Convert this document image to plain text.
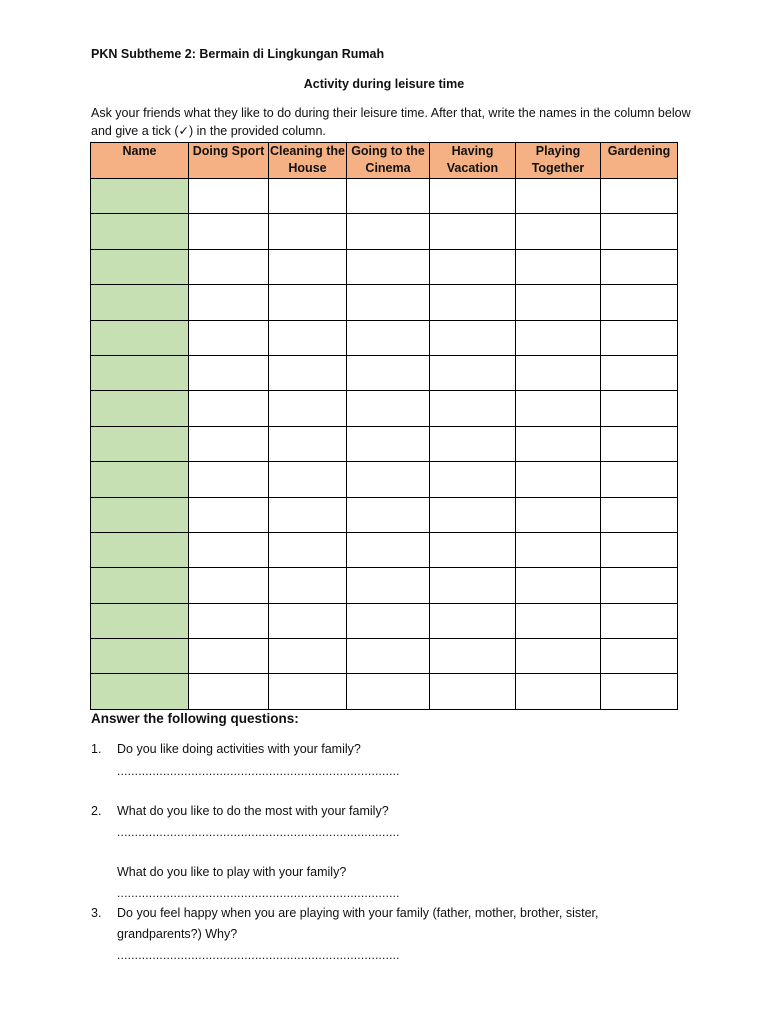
PKN Subtheme 2: Bermain di Lingkungan Rumah
Activity during leisure time
Ask your friends what they like to do during their leisure time. After that, write the names in the column below and give a tick (✓) in the provided column.
Name	Doing Sport	Cleaning the House	Going to the Cinema	Having Vacation	Playing Together	Gardening

Answer the following questions:
1. Do you like doing activities with your family?
................................................................................
2. What do you like to do the most with your family?
................................................................................
What do you like to play with your family?
................................................................................
3. Do you feel happy when you are playing with your family (father, mother, brother, sister, grandparents?) Why?
................................................................................
